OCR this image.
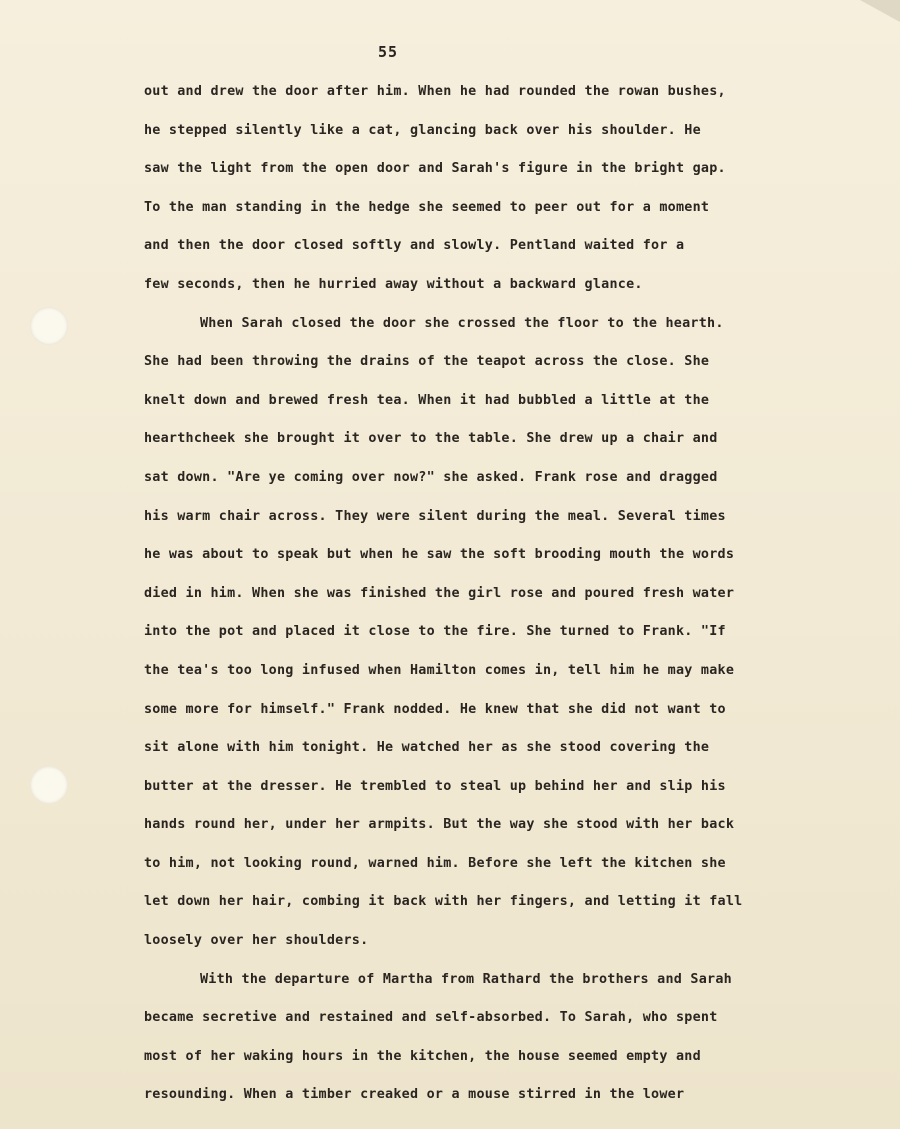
55
out and drew the door after him. When he had rounded the rowan bushes,
he stepped silently like a cat, glancing back over his shoulder. He
saw the light from the open door and Sarah's figure in the bright gap.
To the man standing in the hedge she seemed to peer out for a moment
and then the door closed softly and slowly. Pentland waited for a
few seconds, then he hurried away without a backward glance.
When Sarah closed the door she crossed the floor to the hearth.
She had been throwing the drains of the teapot across the close. She
knelt down and brewed fresh tea. When it had bubbled a little at the
hearthcheek she brought it over to the table. She drew up a chair and
sat down. "Are ye coming over now?" she asked. Frank rose and dragged
his warm chair across. They were silent during the meal. Several times
he was about to speak but when he saw the soft brooding mouth the words
died in him. When she was finished the girl rose and poured fresh water
into the pot and placed it close to the fire. She turned to Frank. "If
the tea's too long infused when Hamilton comes in, tell him he may make
some more for himself." Frank nodded. He knew that she did not want to
sit alone with him tonight. He watched her as she stood covering the
butter at the dresser. He trembled to steal up behind her and slip his
hands round her, under her armpits. But the way she stood with her back
to him, not looking round, warned him. Before she left the kitchen she
let down her hair, combing it back with her fingers, and letting it fall
loosely over her shoulders.
With the departure of Martha from Rathard the brothers and Sarah
became secretive and restained and self-absorbed. To Sarah, who spent
most of her waking hours in the kitchen, the house seemed empty and
resounding. When a timber creaked or a mouse stirred in the lower
